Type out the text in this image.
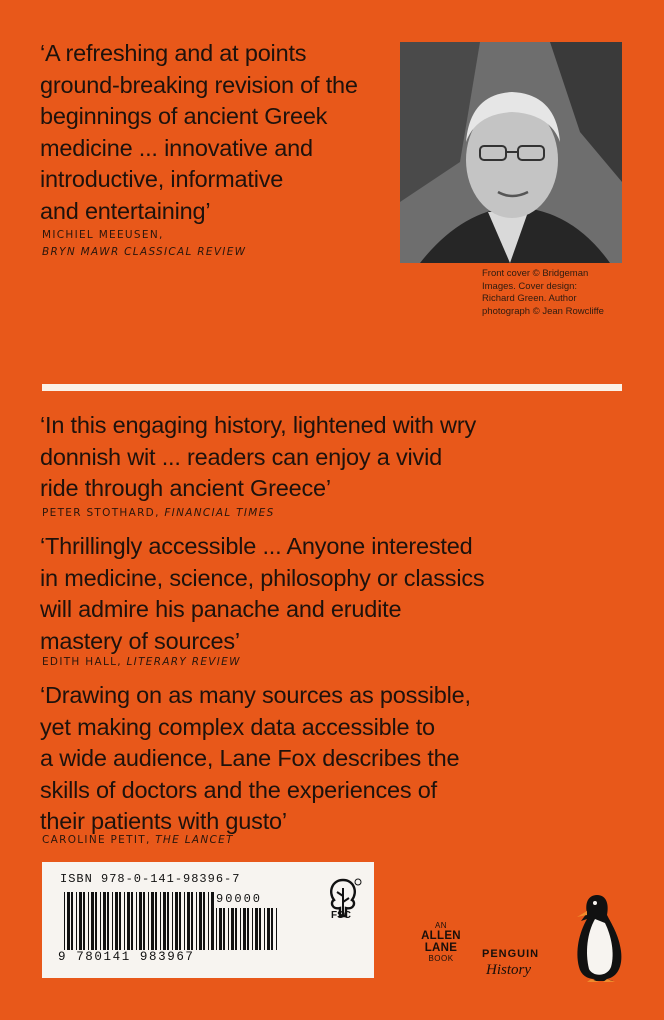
‘A refreshing and at points
ground-breaking revision of the
beginnings of ancient Greek
medicine ... innovative and
introductive, informative
and entertaining’
MICHIEL MEEUSEN,
BRYN MAWR CLASSICAL REVIEW
Front cover © Bridgeman
Images. Cover design:
Richard Green. Author
photograph © Jean Rowcliffe
‘In this engaging history, lightened with wry
donnish wit ... readers can enjoy a vivid
ride through ancient Greece’
PETER STOTHARD, FINANCIAL TIMES
‘Thrillingly accessible ... Anyone interested
in medicine, science, philosophy or classics
will admire his panache and erudite
mastery of sources’
EDITH HALL, LITERARY REVIEW
‘Drawing on as many sources as possible,
yet making complex data accessible to
a wide audience, Lane Fox describes the
skills of doctors and the experiences of
their patients with gusto’
CAROLINE PETIT, THE LANCET
ISBN 978-0-141-98396-7
90000
9 780141 983967
FSC
AN
ALLEN
LANE
BOOK	PENGUIN
History
